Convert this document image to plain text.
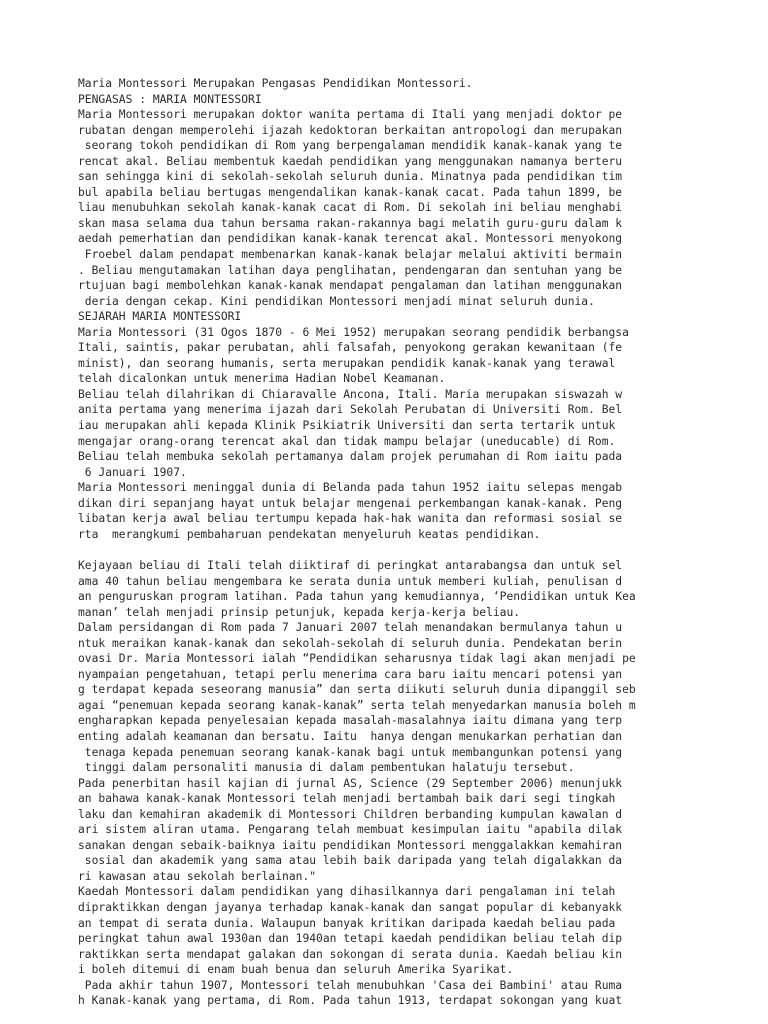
Maria Montessori Merupakan Pengasas Pendidikan Montessori.
PENGASAS : MARIA MONTESSORI
Maria Montessori merupakan doktor wanita pertama di Itali yang menjadi doktor pe
rubatan dengan memperolehi ijazah kedoktoran berkaitan antropologi dan merupakan
seorang tokoh pendidikan di Rom yang berpengalaman mendidik kanak-kanak yang te
rencat akal. Beliau membentuk kaedah pendidikan yang menggunakan namanya berteru
san sehingga kini di sekolah-sekolah seluruh dunia. Minatnya pada pendidikan tim
bul apabila beliau bertugas mengendalikan kanak-kanak cacat. Pada tahun 1899, be
liau menubuhkan sekolah kanak-kanak cacat di Rom. Di sekolah ini beliau menghabi
skan masa selama dua tahun bersama rakan-rakannya bagi melatih guru-guru dalam k
aedah pemerhatian dan pendidikan kanak-kanak terencat akal. Montessori menyokong
Froebel dalam pendapat membenarkan kanak-kanak belajar melalui aktiviti bermain
. Beliau mengutamakan latihan daya penglihatan, pendengaran dan sentuhan yang be
rtujuan bagi membolehkan kanak-kanak mendapat pengalaman dan latihan menggunakan
deria dengan cekap. Kini pendidikan Montessori menjadi minat seluruh dunia.
SEJARAH MARIA MONTESSORI
Maria Montessori (31 Ogos 1870 - 6 Mei 1952) merupakan seorang pendidik berbangsa
Itali, saintis, pakar perubatan, ahli falsafah, penyokong gerakan kewanitaan (fe
minist), dan seorang humanis, serta merupakan pendidik kanak-kanak yang terawal
telah dicalonkan untuk menerima Hadian Nobel Keamanan.
Beliau telah dilahrikan di Chiaravalle Ancona, Itali. Maria merupakan siswazah w
anita pertama yang menerima ijazah dari Sekolah Perubatan di Universiti Rom. Bel
iau merupakan ahli kepada Klinik Psikiatrik Universiti dan serta tertarik untuk
mengajar orang-orang terencat akal dan tidak mampu belajar (uneducable) di Rom.
Beliau telah membuka sekolah pertamanya dalam projek perumahan di Rom iaitu pada
6 Januari 1907.
Maria Montessori meninggal dunia di Belanda pada tahun 1952 iaitu selepas mengab
dikan diri sepanjang hayat untuk belajar mengenai perkembangan kanak-kanak. Peng
libatan kerja awal beliau tertumpu kepada hak-hak wanita dan reformasi sosial se
rta  merangkumi pembaharuan pendekatan menyeluruh keatas pendidikan.
Kejayaan beliau di Itali telah diiktiraf di peringkat antarabangsa dan untuk sel
ama 40 tahun beliau mengembara ke serata dunia untuk memberi kuliah, penulisan d
an penguruskan program latihan. Pada tahun yang kemudiannya, ‘Pendidikan untuk Kea
manan’ telah menjadi prinsip petunjuk, kepada kerja-kerja beliau.
Dalam persidangan di Rom pada 7 Januari 2007 telah menandakan bermulanya tahun u
ntuk meraikan kanak-kanak dan sekolah-sekolah di seluruh dunia. Pendekatan berin
ovasi Dr. Maria Montessori ialah “Pendidikan seharusnya tidak lagi akan menjadi pe
nyampaian pengetahuan, tetapi perlu menerima cara baru iaitu mencari potensi yan
g terdapat kepada seseorang manusia” dan serta diikuti seluruh dunia dipanggil seb
agai “penemuan kepada seorang kanak-kanak” serta telah menyedarkan manusia boleh m
engharapkan kepada penyelesaian kepada masalah-masalahnya iaitu dimana yang terp
enting adalah keamanan dan bersatu. Iaitu  hanya dengan menukarkan perhatian dan
tenaga kepada penemuan seorang kanak-kanak bagi untuk membangunkan potensi yang
tinggi dalam personaliti manusia di dalam pembentukan halatuju tersebut.
Pada penerbitan hasil kajian di jurnal AS, Science (29 September 2006) menunjukk
an bahawa kanak-kanak Montessori telah menjadi bertambah baik dari segi tingkah
laku dan kemahiran akademik di Montessori Children berbanding kumpulan kawalan d
ari sistem aliran utama. Pengarang telah membuat kesimpulan iaitu "apabila dilak
sanakan dengan sebaik-baiknya iaitu pendidikan Montessori menggalakkan kemahiran
sosial dan akademik yang sama atau lebih baik daripada yang telah digalakkan da
ri kawasan atau sekolah berlainan."
Kaedah Montessori dalam pendidikan yang dihasilkannya dari pengalaman ini telah
dipraktikkan dengan jayanya terhadap kanak-kanak dan sangat popular di kebanyakk
an tempat di serata dunia. Walaupun banyak kritikan daripada kaedah beliau pada
peringkat tahun awal 1930an dan 1940an tetapi kaedah pendidikan beliau telah dip
raktikkan serta mendapat galakan dan sokongan di serata dunia. Kaedah beliau kin
i boleh ditemui di enam buah benua dan seluruh Amerika Syarikat.
Pada akhir tahun 1907, Montessori telah menubuhkan 'Casa dei Bambini' atau Ruma
h Kanak-kanak yang pertama, di Rom. Pada tahun 1913, terdapat sokongan yang kuat
